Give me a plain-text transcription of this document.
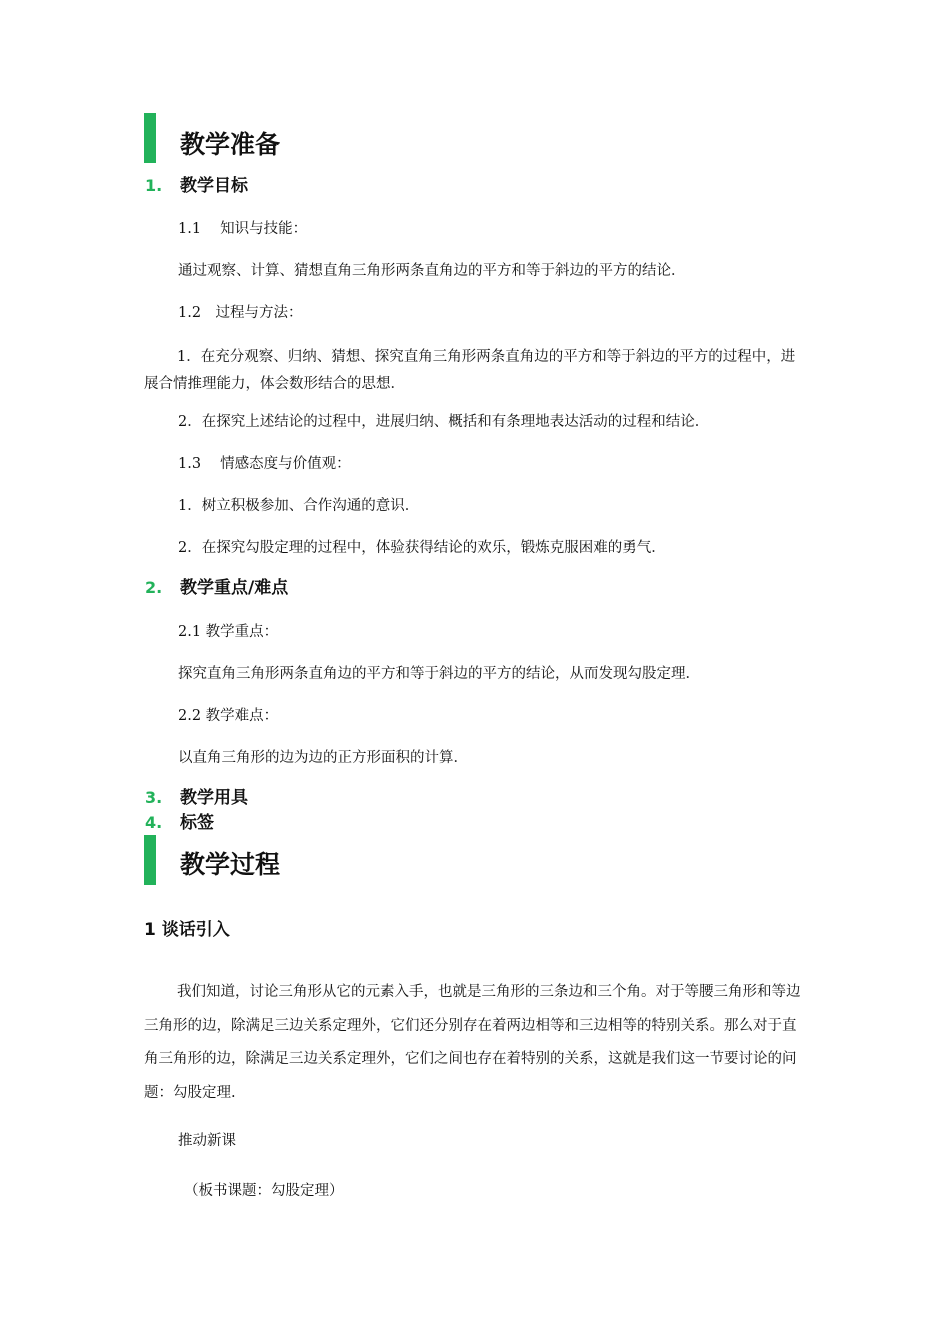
教学准备
1. 教学目标
1.1　 知识与技能：
通过观察、计算、猜想直角三角形两条直角边的平方和等于斜边的平方的结论．
1.2　过程与方法：
1．在充分观察、归纳、猜想、探究直角三角形两条直角边的平方和等于斜边的平方的过程中，进展合情推理能力，体会数形结合的思想．
2．在探究上述结论的过程中，进展归纳、概括和有条理地表达活动的过程和结论．
1.3　 情感态度与价值观：
1．树立积极参加、合作沟通的意识．
2．在探究勾股定理的过程中，体验获得结论的欢乐，锻炼克服困难的勇气．
2. 教学重点/难点
2.1 教学重点：
探究直角三角形两条直角边的平方和等于斜边的平方的结论，从而发现勾股定理．
2.2 教学难点：
以直角三角形的边为边的正方形面积的计算．
3. 教学用具
4. 标签
教学过程
1 谈话引入
我们知道，讨论三角形从它的元素入手，也就是三角形的三条边和三个角。对于等腰三角形和等边三角形的边，除满足三边关系定理外，它们还分别存在着两边相等和三边相等的特别关系。那么对于直角三角形的边，除满足三边关系定理外，它们之间也存在着特别的关系，这就是我们这一节要讨论的问题：勾股定理.
推动新课
（板书课题：勾股定理）
